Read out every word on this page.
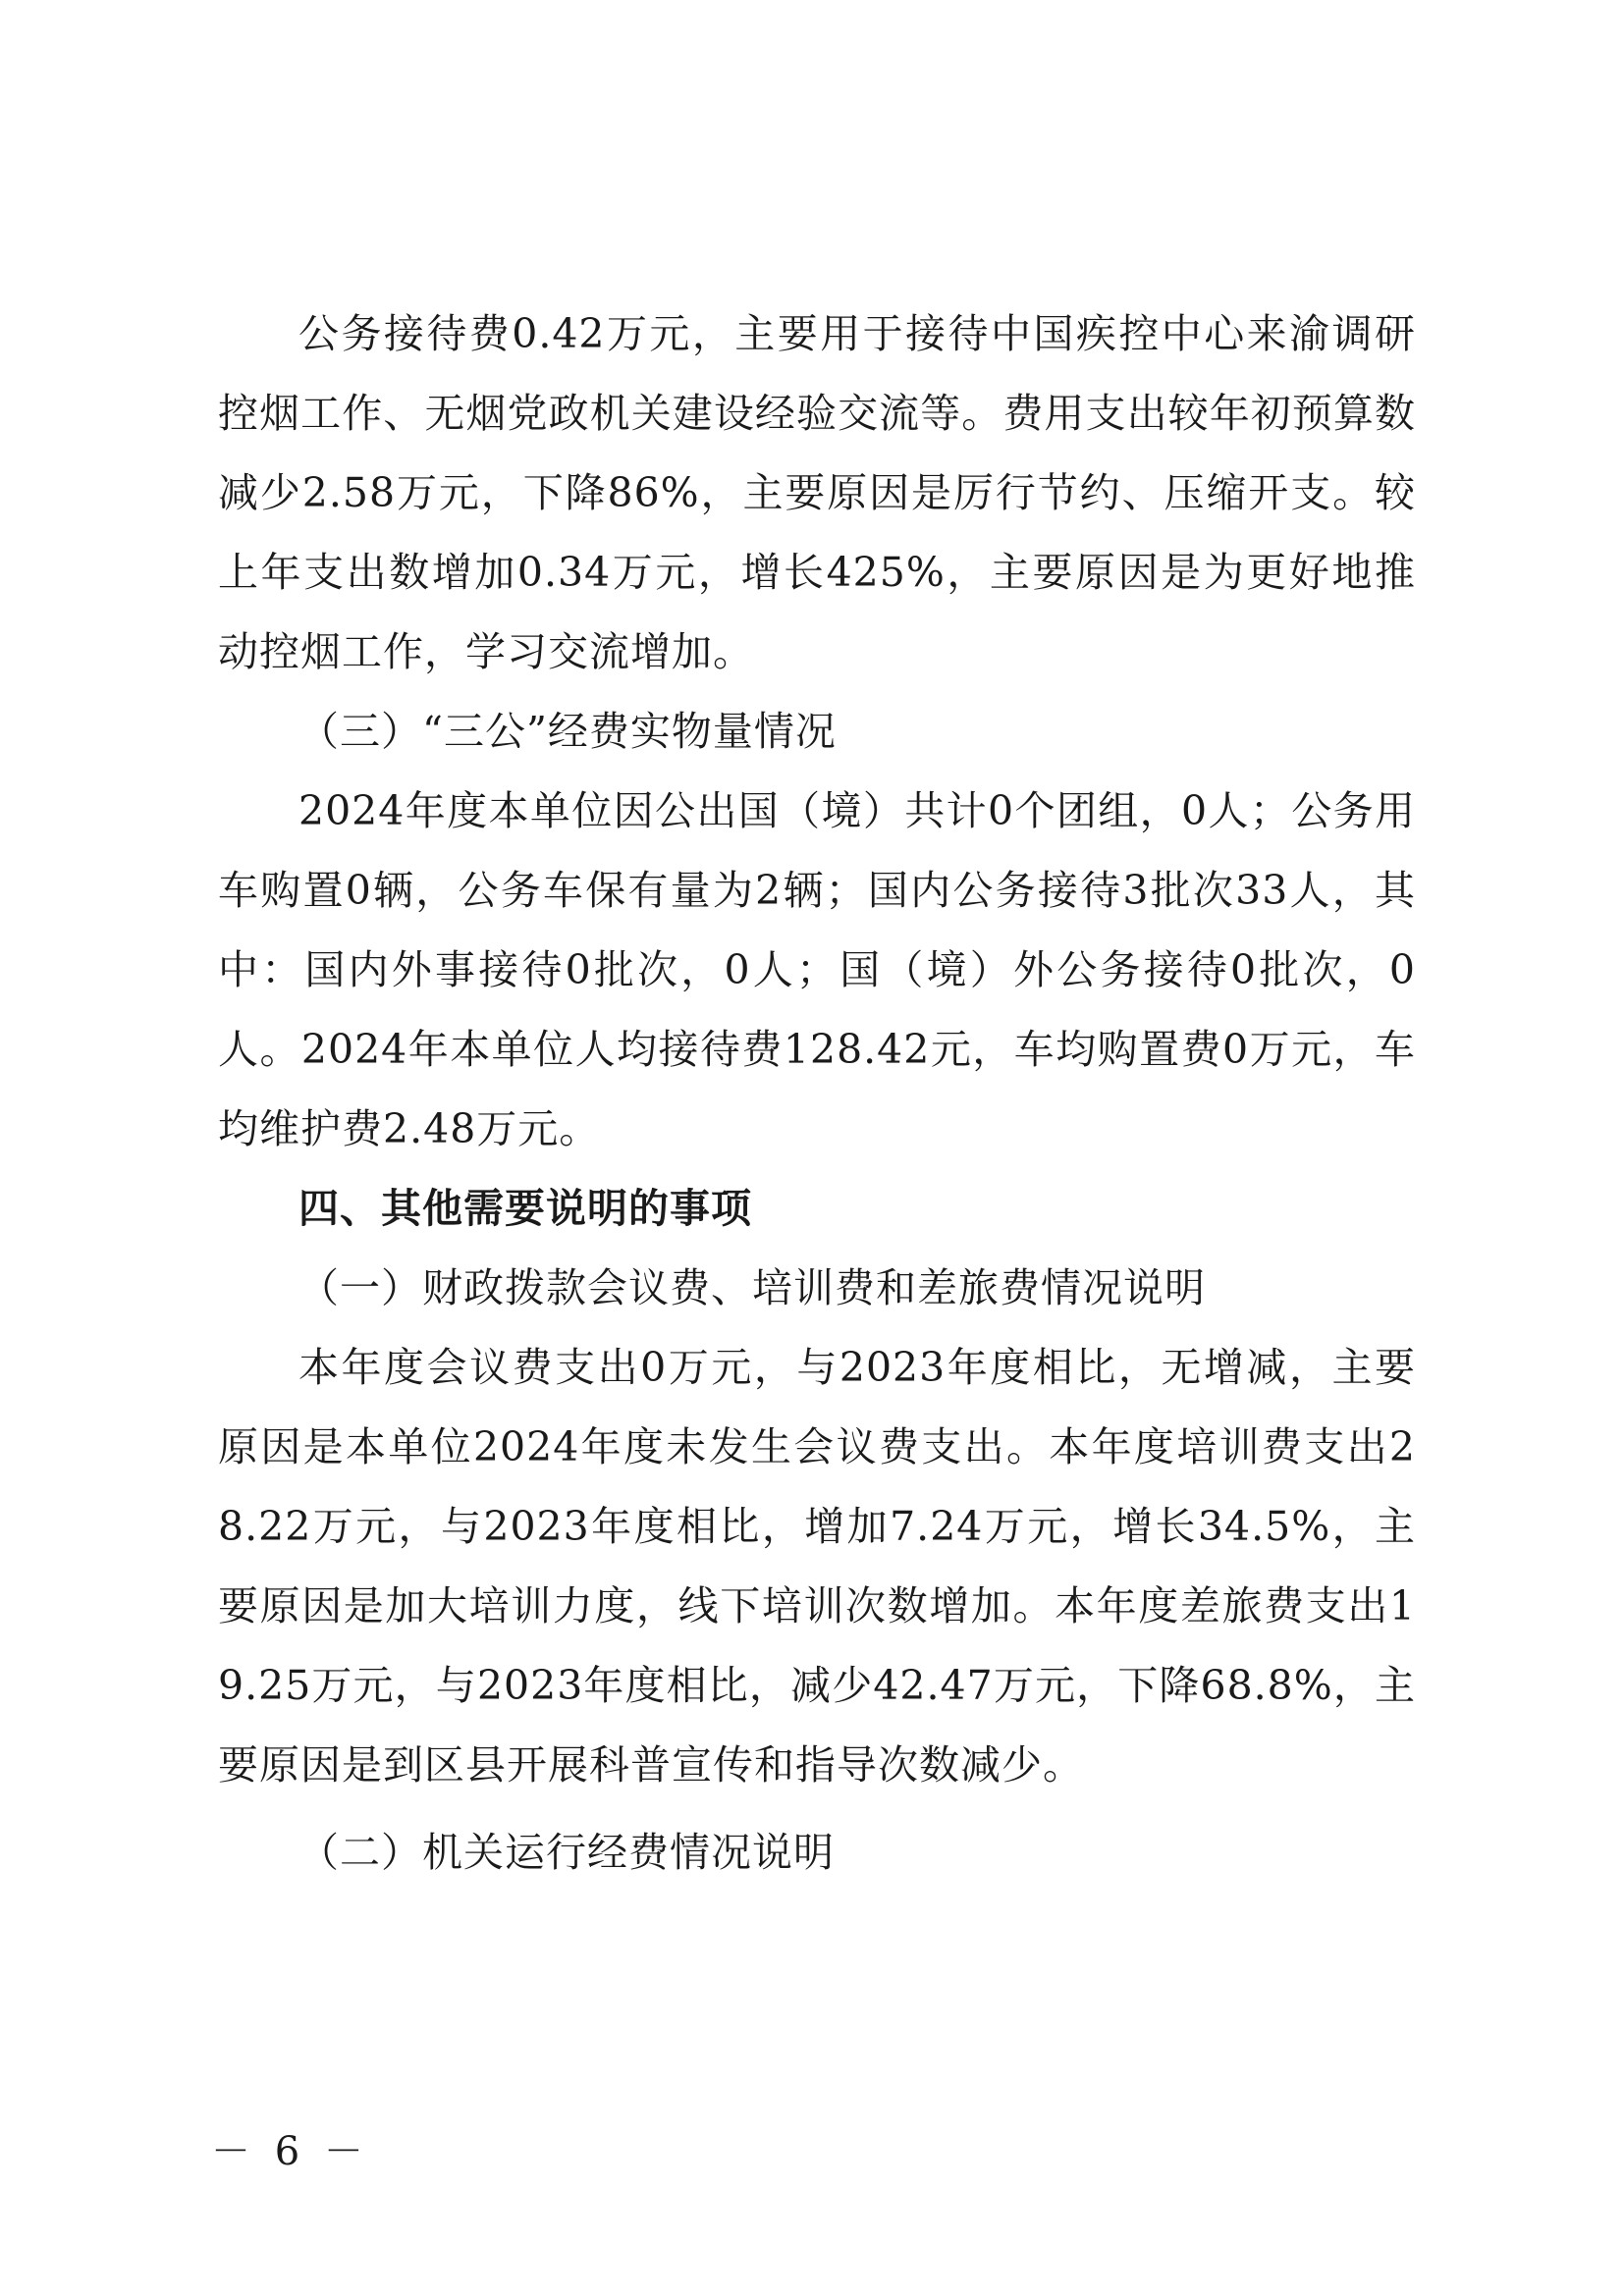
公务接待费0.42万元，主要用于接待中国疾控中心来渝调研控烟工作、无烟党政机关建设经验交流等。费用支出较年初预算数减少2.58万元，下降86%，主要原因是厉行节约、压缩开支。较上年支出数增加0.34万元，增长425%，主要原因是为更好地推动控烟工作，学习交流增加。

（三）“三公”经费实物量情况

2024年度本单位因公出国（境）共计0个团组，0人；公务用车购置0辆，公务车保有量为2辆；国内公务接待3批次33人，其中：国内外事接待0批次，0人；国（境）外公务接待0批次，0人。2024年本单位人均接待费128.42元，车均购置费0万元，车均维护费2.48万元。

四、其他需要说明的事项

（一）财政拨款会议费、培训费和差旅费情况说明

本年度会议费支出0万元，与2023年度相比，无增减，主要原因是本单位2024年度未发生会议费支出。本年度培训费支出28.22万元，与2023年度相比，增加7.24万元，增长34.5%，主要原因是加大培训力度，线下培训次数增加。本年度差旅费支出19.25万元，与2023年度相比，减少42.47万元，下降68.8%，主要原因是到区县开展科普宣传和指导次数减少。

（二）机关运行经费情况说明

－ 6 －
